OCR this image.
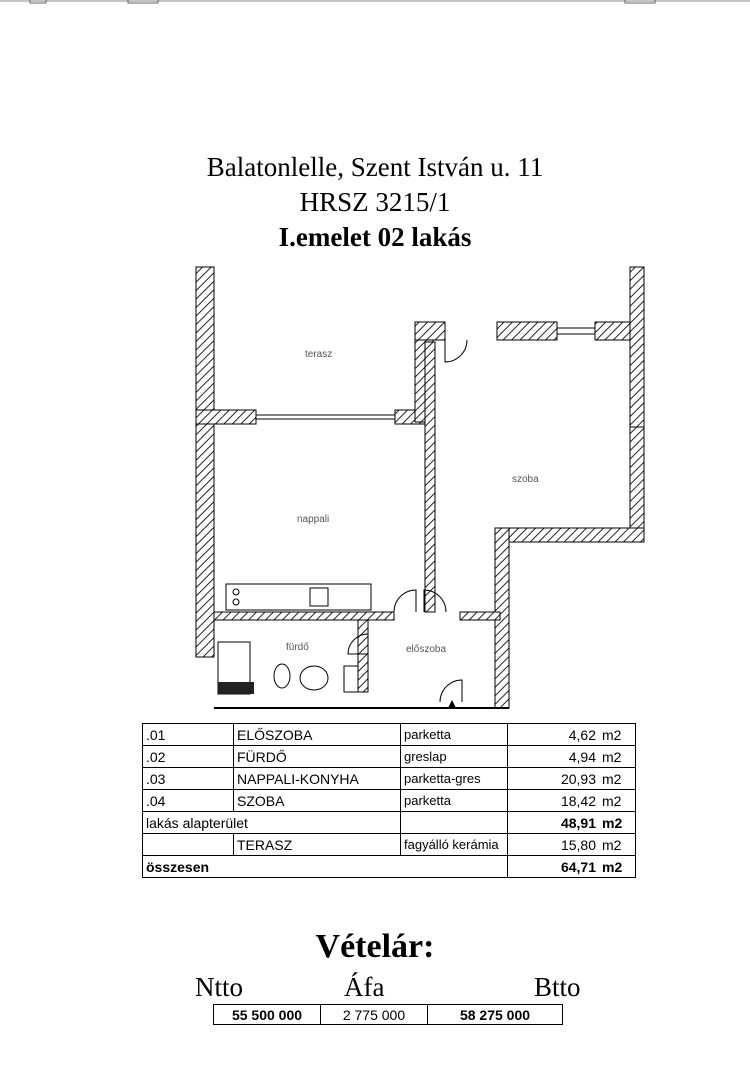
Balatonlelle, Szent István u. 11
HRSZ 3215/1
I.emelet 02 lakás
terasz
szoba
nappali
fürdő	előszoba
.01	ELŐSZOBA	parketta	4,62	m2
.02	FÜRDŐ	greslap	4,94	m2
.03	NAPPALI-KONYHA	parketta-gres	20,93	m2
.04	SZOBA	parketta	18,42	m2
lakás alapterület			48,91	m2
	TERASZ	fagyálló kerámia	15,80	m2
összesen			64,71	m2
Vételár:
Ntto	Áfa	Btto
55 500 000	2 775 000	58 275 000
